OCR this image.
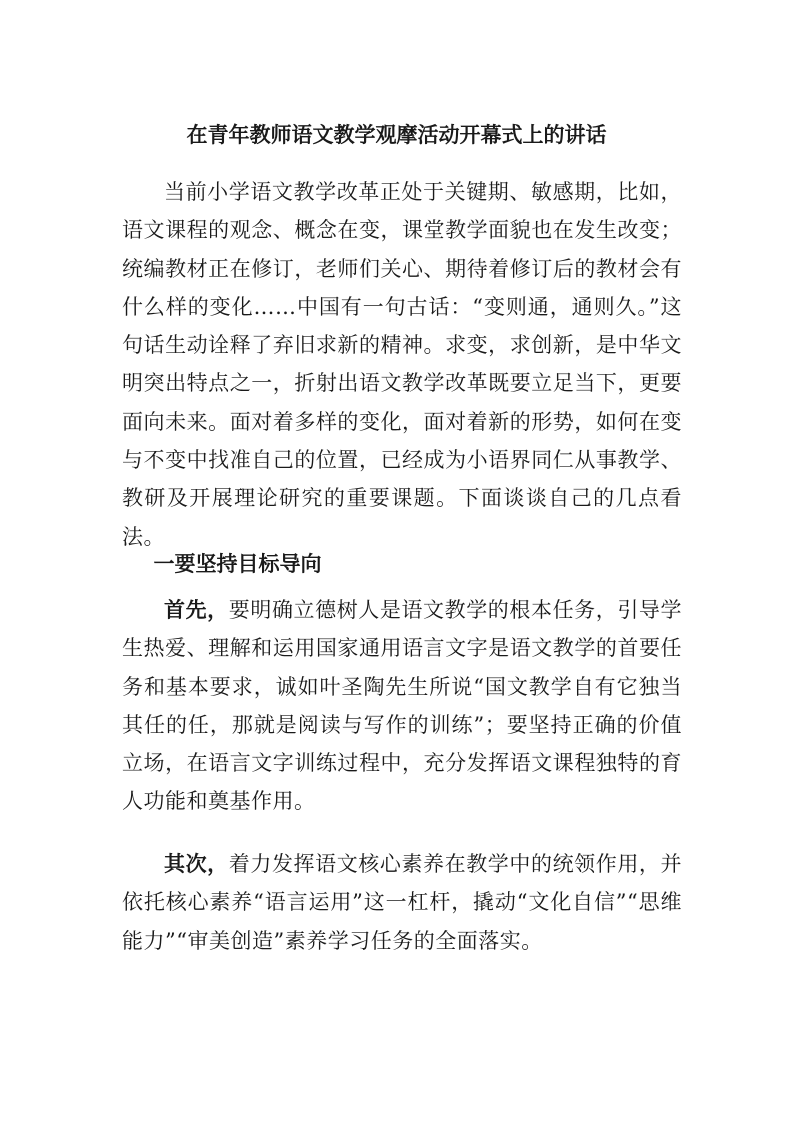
在青年教师语文教学观摩活动开幕式上的讲话

当前小学语文教学改革正处于关键期、敏感期，比如，语文课程的观念、概念在变，课堂教学面貌也在发生改变；统编教材正在修订，老师们关心、期待着修订后的教材会有什么样的变化……中国有一句古话：“变则通，通则久。”这句话生动诠释了弃旧求新的精神。求变，求创新，是中华文明突出特点之一，折射出语文教学改革既要立足当下，更要面向未来。面对着多样的变化，面对着新的形势，如何在变与不变中找准自己的位置，已经成为小语界同仁从事教学、教研及开展理论研究的重要课题。下面谈谈自己的几点看法。

一要坚持目标导向

首先，要明确立德树人是语文教学的根本任务，引导学生热爱、理解和运用国家通用语言文字是语文教学的首要任务和基本要求，诚如叶圣陶先生所说“国文教学自有它独当其任的任，那就是阅读与写作的训练”；要坚持正确的价值立场，在语言文字训练过程中，充分发挥语文课程独特的育人功能和奠基作用。

其次，着力发挥语文核心素养在教学中的统领作用，并依托核心素养“语言运用”这一杠杆，撬动“文化自信”“思维能力”“审美创造”素养学习任务的全面落实。
